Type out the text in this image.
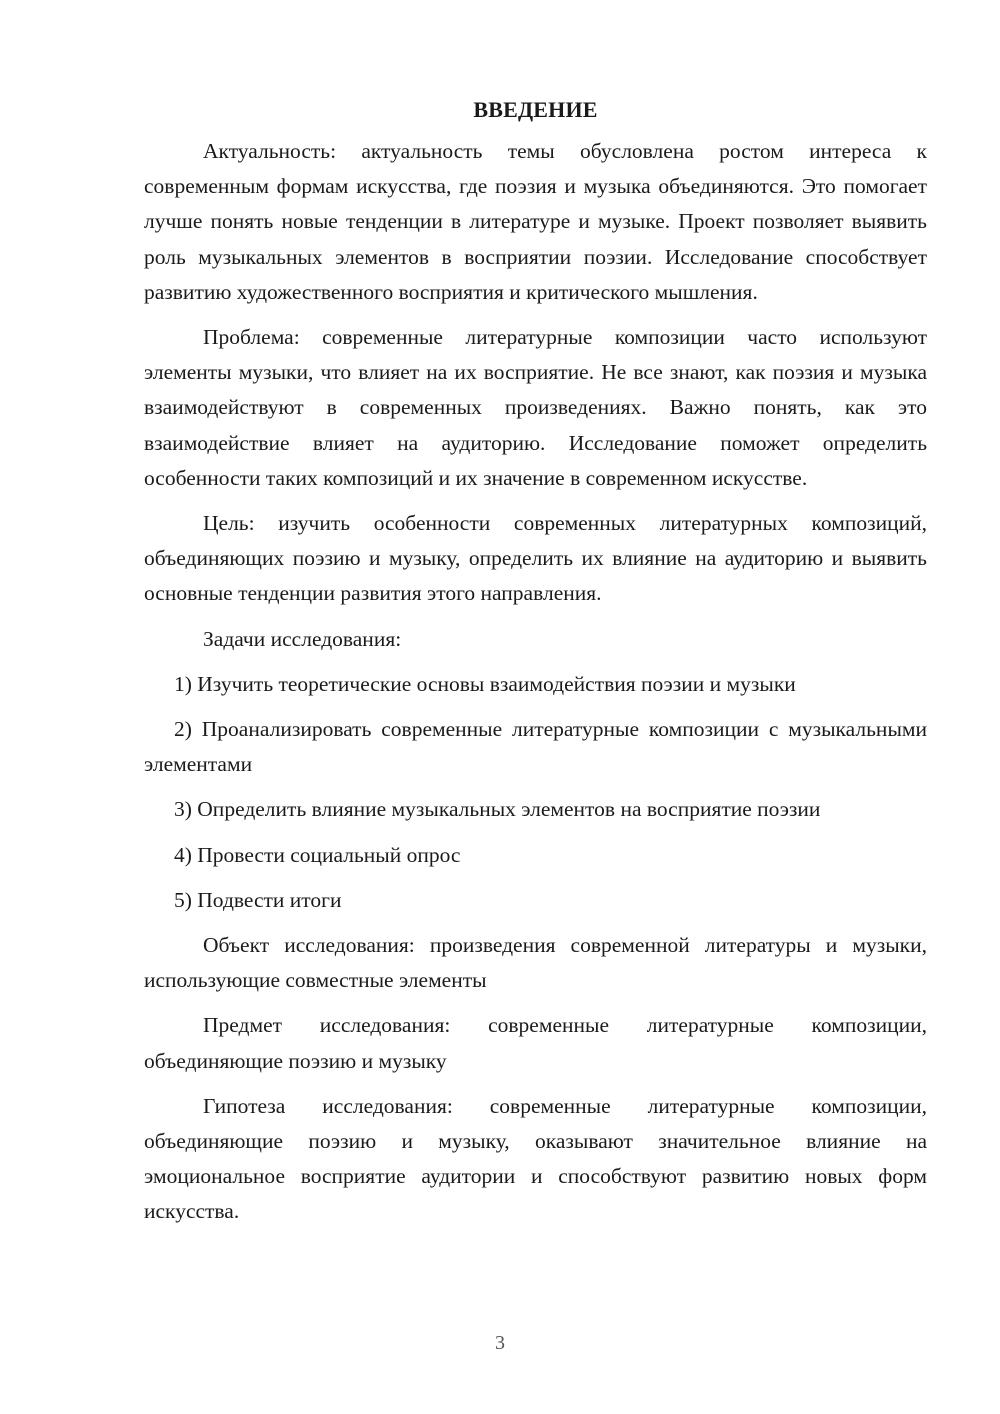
ВВЕДЕНИЕ

Актуальность: актуальность темы обусловлена ростом интереса к современным формам искусства, где поэзия и музыка объединяются. Это помогает лучше понять новые тенденции в литературе и музыке. Проект позволяет выявить роль музыкальных элементов в восприятии поэзии. Исследование способствует развитию художественного восприятия и критического мышления.

Проблема: современные литературные композиции часто используют элементы музыки, что влияет на их восприятие. Не все знают, как поэзия и музыка взаимодействуют в современных произведениях. Важно понять, как это взаимодействие влияет на аудиторию. Исследование поможет определить особенности таких композиций и их значение в современном искусстве.

Цель: изучить особенности современных литературных композиций, объединяющих поэзию и музыку, определить их влияние на аудиторию и выявить основные тенденции развития этого направления.

Задачи исследования:

1) Изучить теоретические основы взаимодействия поэзии и музыки

2) Проанализировать современные литературные композиции с музыкальными элементами

3) Определить влияние музыкальных элементов на восприятие поэзии

4) Провести социальный опрос

5) Подвести итоги

Объект исследования: произведения современной литературы и музыки, использующие совместные элементы

Предмет исследования: современные литературные композиции, объединяющие поэзию и музыку

Гипотеза исследования: современные литературные композиции, объединяющие поэзию и музыку, оказывают значительное влияние на эмоциональное восприятие аудитории и способствуют развитию новых форм искусства.

3
